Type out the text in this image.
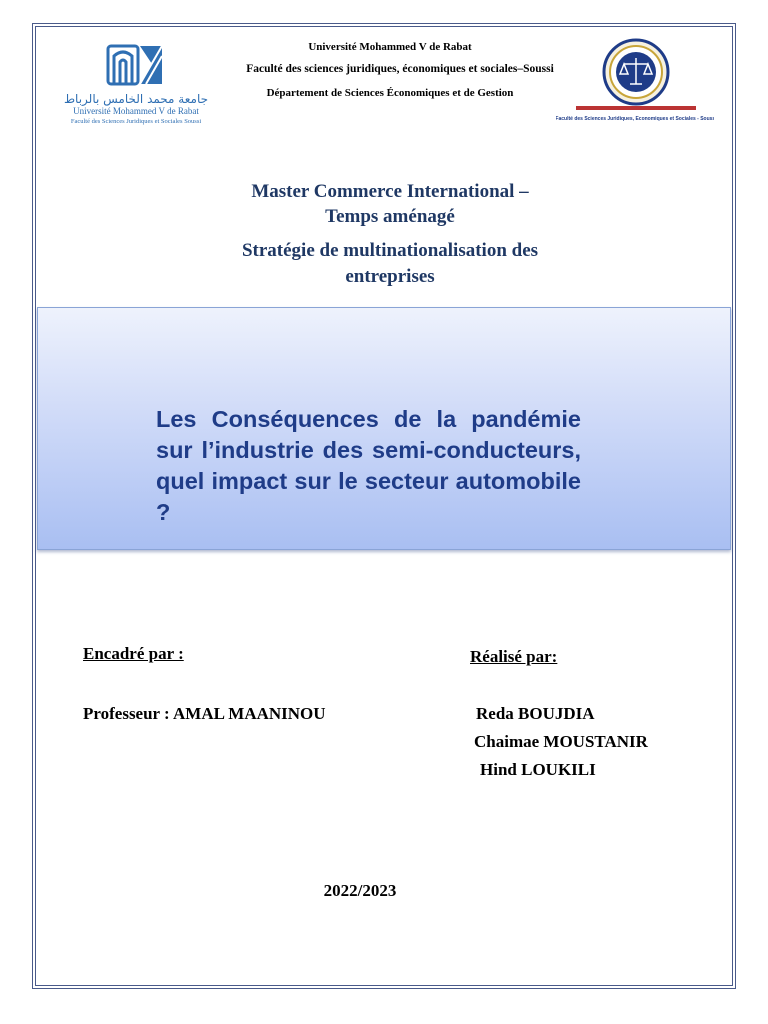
جامعة محمد الخامس بالرباط
Université Mohammed V de Rabat
Faculté des Sciences Juridiques et Sociales Soussi	Faculté des Sciences Juridiques, Economiques et Sociales - Soussi
Université Mohammed V de Rabat
Faculté des sciences juridiques, économiques et sociales–Soussi
Département de Sciences Économiques et de Gestion
Master Commerce International –
Temps aménagé
Stratégie de multinationalisation des
entreprises
Les Conséquences de la pandémie sur l’industrie des semi-conducteurs, quel impact sur le secteur automobile ?
Encadré par :	Réalisé par:
Professeur : AMAL MAANINOU	Reda BOUJDIA
Chaimae MOUSTANIR
Hind LOUKILI
2022/2023
